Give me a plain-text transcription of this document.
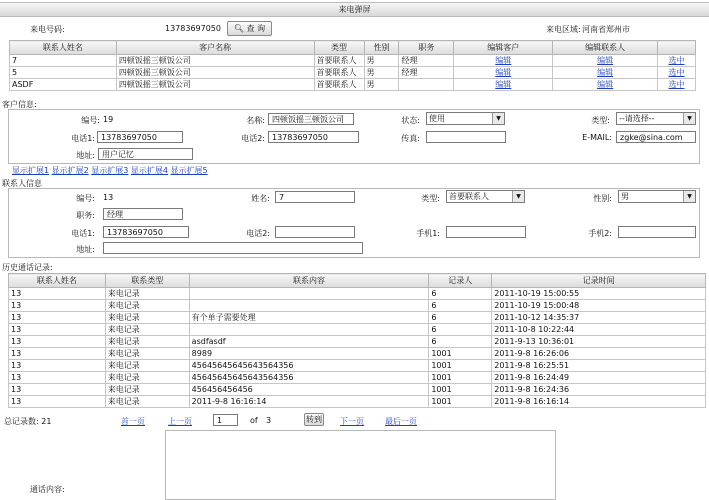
来电弹屏
来电号码:	13783697050	🔍︎ 查 询	来电区域: 河南省郑州市
联系人姓名	客户名称	类型	性别	职务	编辑客户	编辑联系人	
7	四顿饭摇三顿饭公司	首要联系人	男	经理	编辑	编辑	选中
5	四顿饭摇三顿饭公司	首要联系人	男	经理	编辑	编辑	选中
ASDF	四顿饭摇三顿饭公司	首要联系人	男		编辑	编辑	选中
客户信息:
编号: 19	名称: 四顿饭摇三顿饭公司	状态:	使用	▼	类型:	--请选择--	▼
电话1: 13783697050	电话2: 13783697050	传真:	E-MAIL:	zgke@sina.com
地址: 用户记忆
显示扩展1 显示扩展2 显示扩展3 显示扩展4 显示扩展5
联系人信息
编号: 13	姓名:	7	类型:	首要联系人	▼	性别:	男	▼
职务:	经理
电话1:	13783697050	电话2:	手机1:	手机2:
地址:
历史通话记录:
联系人姓名	联系类型	联系内容	记录人	记录时间
13	来电记录		6	2011-10-19 15:00:55
13	来电记录		6	2011-10-19 15:00:48
13	来电记录	有个单子需要处理	6	2011-10-12 14:35:37
13	来电记录		6	2011-10-8 10:22:44
13	来电记录	asdfasdf	6	2011-9-13 10:36:01
13	来电记录	8989	1001	2011-9-8 16:26:06
13	来电记录	45645645645643564356	1001	2011-9-8 16:25:51
13	来电记录	45645645645643564356	1001	2011-9-8 16:24:49
13	来电记录	456456456456	1001	2011-9-8 16:24:36
13	来电记录	2011-9-8 16:16:14	1001	2011-9-8 16:16:14
总记录数: 21	首一页	上一页	1	of 3	转到 下一页	最后一页
通话内容:
